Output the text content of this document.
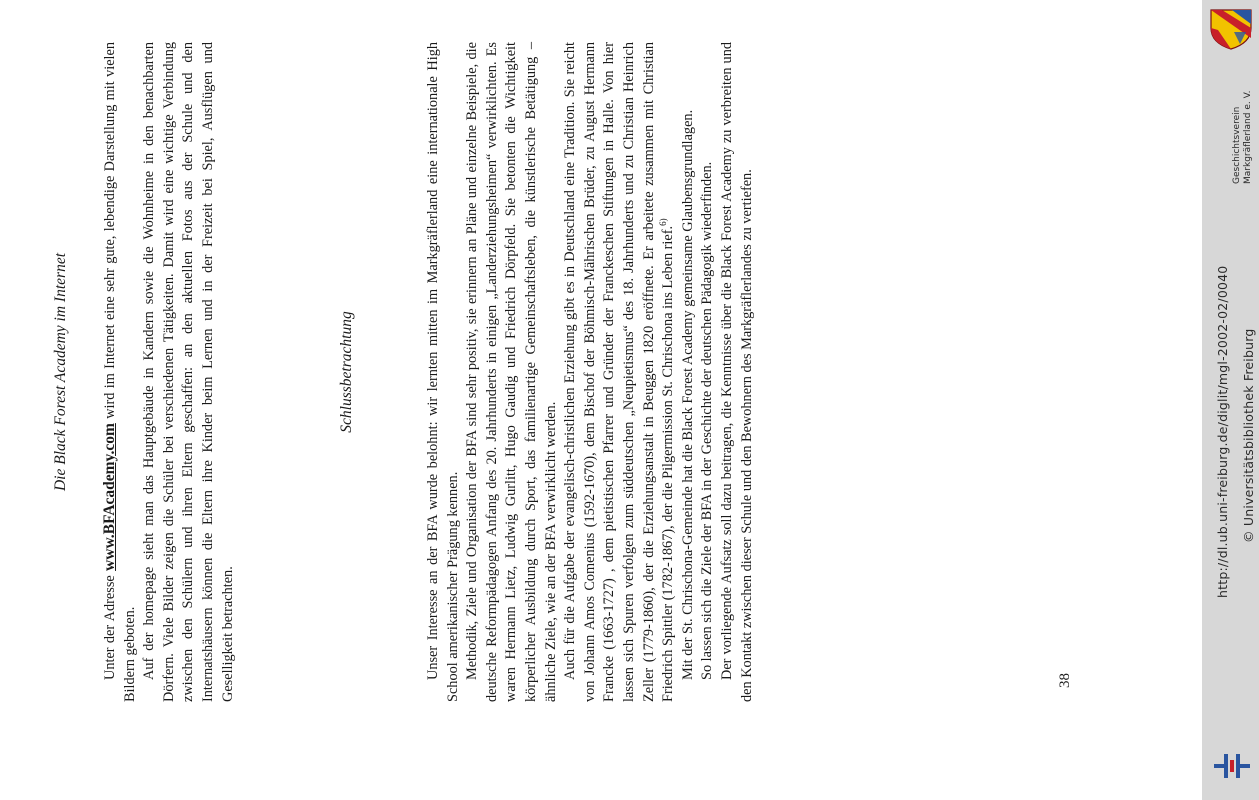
Die Black Forest Academy im Internet

Unter der Adresse www.BFAcademy.com wird im Internet eine sehr gute, lebendige Darstellung mit vielen Bildern geboten. Auf der homepage sieht man das Hauptgebäude in Kandern sowie die Wohnheime in den benachbarten Dörfern. Viele Bilder zeigen die Schüler bei verschiedenen Tätigkeiten. Damit wird eine wichtige Verbindung zwischen den Schülern und ihren Eltern geschaffen: an den aktuellen Fotos aus der Schule und den Internatshäusern können die Eltern ihre Kinder beim Lernen und in der Freizeit bei Spiel, Ausflügen und Geselligkeit betrachten.

Schlussbetrachtung	Unser Interesse an der BFA wurde belohnt: wir lernten mitten im Markgräflerland eine internationale High School amerikanischer Prägung kennen. Methodik, Ziele und Organisation der BFA sind sehr positiv, sie erinnern an Pläne und einzelne Beispiele, die deutsche Reformpädagogen Anfang des 20. Jahrhunderts in einigen „Landerziehungsheimen“ verwirklichten. Es waren Hermann Lietz, Ludwig Gurlitt, Hugo Gaudig und Friedrich Dörpfeld. Sie betonten die Wichtigkeit körperlicher Ausbildung durch Sport, das familienartige Gemeinschaftsleben, die künstlerische Betätigung – ähnliche Ziele, wie an der BFA verwirklicht werden. Auch für die Aufgabe der evangelisch-christlichen Erziehung gibt es in Deutschland eine Tradition. Sie reicht von Johann Amos Comenius (1592-1670), dem Bischof der Böhmisch-Mährischen Brüder, zu August Hermann Francke (1663-1727) , dem pietistischen Pfarrer und Gründer der Franckeschen Stiftungen in Halle. Von hier lassen sich Spuren verfolgen zum süddeutschen „Neupietismus“ des 18. Jahrhunderts und zu Christian Heinrich Zeller (1779-1860), der die Erziehungsanstalt in Beuggen 1820 eröffnete. Er arbeitete zusammen mit Christian Friedrich Spittler (1782-1867), der die Pilgermission St. Chrischona ins Leben rief.$^{6)}$ Mit der St. Chrischona-Gemeinde hat die Black Forest Academy gemeinsame Glaubensgrundlagen. So lassen sich die Ziele der BFA in der Geschichte der deutschen Pädagogik wiederfinden. Der vorliegende Aufsatz soll dazu beitragen, die Kenntnisse über die Black Forest Academy zu verbreiten und den Kontakt zwischen dieser Schule und den Bewohnern des Markgräflerlandes zu vertiefen.	38
Geschichtsverein Markgräflerland e. V.
http://dl.ub.uni-freiburg.de/diglit/mgl-2002-02/0040 © Universitätsbibliothek Freiburg
